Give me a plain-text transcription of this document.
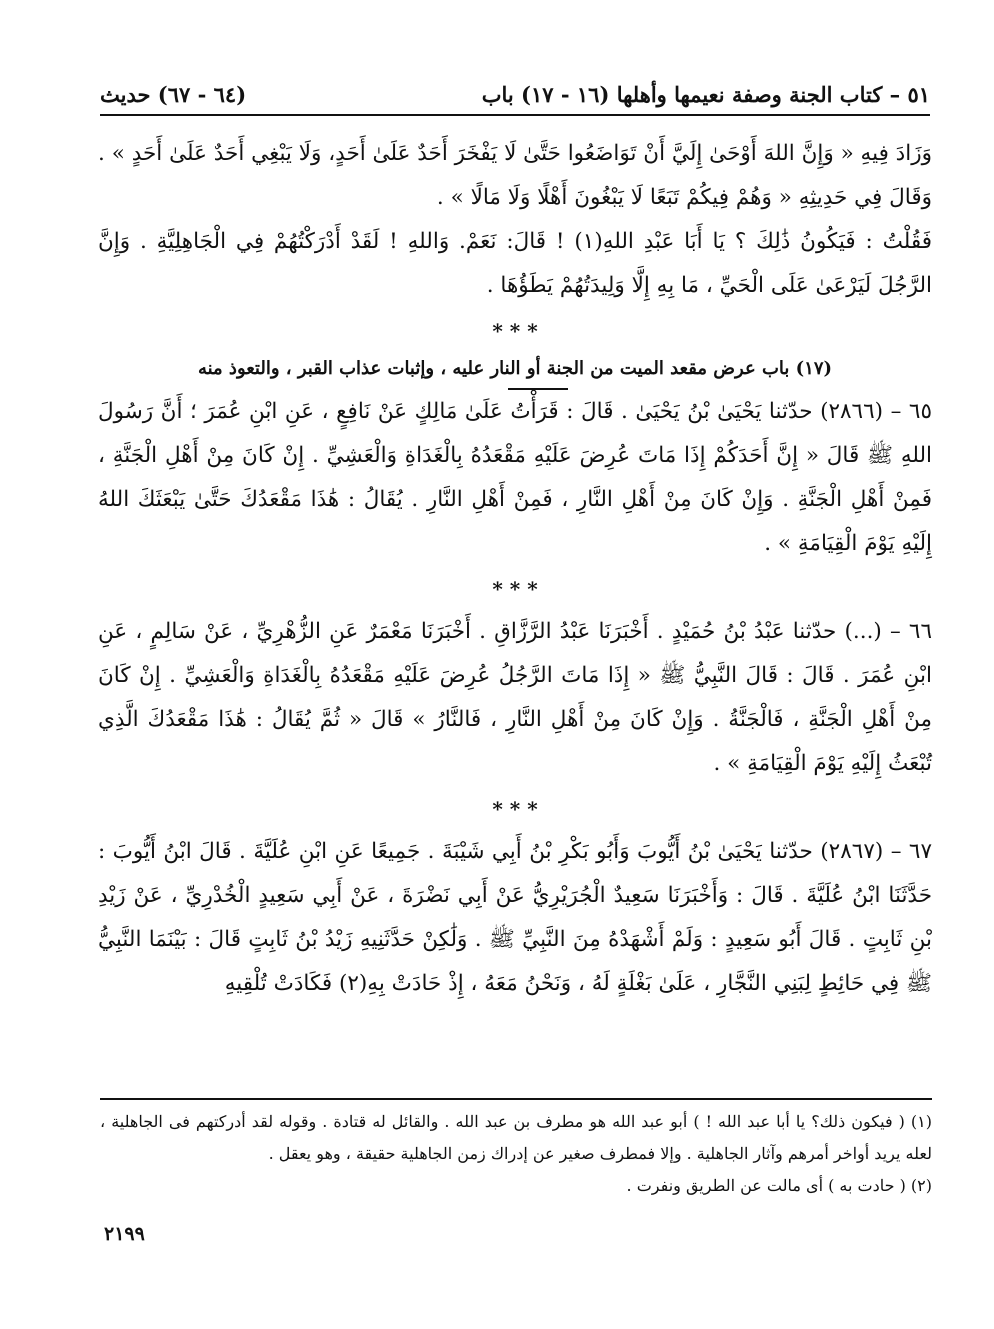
٥١ – كتاب الجنة وصفة نعيمها وأهلها (١٦ - ١٧) باب
(٦٤ - ٦٧) حديث

وَزَادَ فِيهِ « وَإِنَّ اللهَ أَوْحَىٰ إِلَيَّ أَنْ تَوَاضَعُوا حَتَّىٰ لَا يَفْخَرَ أَحَدٌ عَلَىٰ أَحَدٍ، وَلَا يَبْغِي أَحَدٌ عَلَىٰ أَحَدٍ » .

وَقَالَ فِي حَدِيثِهِ « وَهُمْ فِيكُمْ تَبَعًا لَا يَبْغُونَ أَهْلًا وَلَا مَالًا » .

فَقُلْتُ : فَيَكُونُ ذَٰلِكَ ؟ يَا أَبَا عَبْدِ اللهِ(١) ! قَالَ: نَعَمْ. وَاللهِ ! لَقَدْ أَدْرَكْتُهُمْ فِي الْجَاهِلِيَّةِ . وَإِنَّ الرَّجُلَ لَيَرْعَىٰ عَلَى الْحَيِّ ، مَا بِهِ إِلَّا وَلِيدَتُهُمْ يَطَؤُهَا .

* * *
(١٧) باب عرض مقعد الميت من الجنة أو النار عليه ، وإثبات عذاب القبر ، والتعوذ منه

٦٥ – (٢٨٦٦) حدّثنا يَحْيَىٰ بْنُ يَحْيَىٰ . قَالَ : قَرَأْتُ عَلَىٰ مَالِكٍ عَنْ نَافِعٍ ، عَنِ ابْنِ عُمَرَ ؛ أَنَّ رَسُولَ اللهِ ﷺ قَالَ « إِنَّ أَحَدَكُمْ إِذَا مَاتَ عُرِضَ عَلَيْهِ مَقْعَدُهُ بِالْغَدَاةِ وَالْعَشِيِّ . إِنْ كَانَ مِنْ أَهْلِ الْجَنَّةِ ، فَمِنْ أَهْلِ الْجَنَّةِ . وَإِنْ كَانَ مِنْ أَهْلِ النَّارِ ، فَمِنْ أَهْلِ النَّارِ . يُقَالُ : هَٰذَا مَقْعَدُكَ حَتَّىٰ يَبْعَثَكَ اللهُ إِلَيْهِ يَوْمَ الْقِيَامَةِ » .

* * *

٦٦ – (...) حدّثنا عَبْدُ بْنُ حُمَيْدٍ . أَخْبَرَنَا عَبْدُ الرَّزَّاقِ . أَخْبَرَنَا مَعْمَرٌ عَنِ الزُّهْرِيِّ ، عَنْ سَالِمٍ ، عَنِ ابْنِ عُمَرَ . قَالَ : قَالَ النَّبِيُّ ﷺ « إِذَا مَاتَ الرَّجُلُ عُرِضَ عَلَيْهِ مَقْعَدُهُ بِالْغَدَاةِ وَالْعَشِيِّ . إِنْ كَانَ مِنْ أَهْلِ الْجَنَّةِ ، فَالْجَنَّةُ . وَإِنْ كَانَ مِنْ أَهْلِ النَّارِ ، فَالنَّارُ » قَالَ « ثُمَّ يُقَالُ : هَٰذَا مَقْعَدُكَ الَّذِي تُبْعَثُ إِلَيْهِ يَوْمَ الْقِيَامَةِ » .

* * *

٦٧ – (٢٨٦٧) حدّثنا يَحْيَىٰ بْنُ أَيُّوبَ وَأَبُو بَكْرِ بْنُ أَبِي شَيْبَةَ . جَمِيعًا عَنِ ابْنِ عُلَيَّةَ . قَالَ ابْنُ أَيُّوبَ : حَدَّثَنَا ابْنُ عُلَيَّةَ . قَالَ : وَأَخْبَرَنَا سَعِيدٌ الْجُرَيْرِيُّ عَنْ أَبِي نَضْرَةَ ، عَنْ أَبِي سَعِيدٍ الْخُدْرِيِّ ، عَنْ زَيْدِ بْنِ ثَابِتٍ . قَالَ أَبُو سَعِيدٍ : وَلَمْ أَشْهَدْهُ مِنَ النَّبِيِّ ﷺ . وَلَٰكِنْ حَدَّثَنِيهِ زَيْدُ بْنُ ثَابِتٍ قَالَ : بَيْنَمَا النَّبِيُّ ﷺ فِي حَائِطٍ لِبَنِي النَّجَّارِ ، عَلَىٰ بَغْلَةٍ لَهُ ، وَنَحْنُ مَعَهُ ، إِذْ حَادَتْ بِهِ(٢) فَكَادَتْ تُلْقِيهِ

(١) ( فيكون ذلك؟ يا أبا عبد الله ! ) أبو عبد الله هو مطرف بن عبد الله . والقائل له قتادة . وقوله لقد أدركتهم فى الجاهلية ، لعله يريد أواخر أمرهم وآثار الجاهلية . وإلا فمطرف صغير عن إدراك زمن الجاهلية حقيقة ، وهو يعقل .

(٢) ( حادت به ) أى مالت عن الطريق ونفرت .

٢١٩٩
